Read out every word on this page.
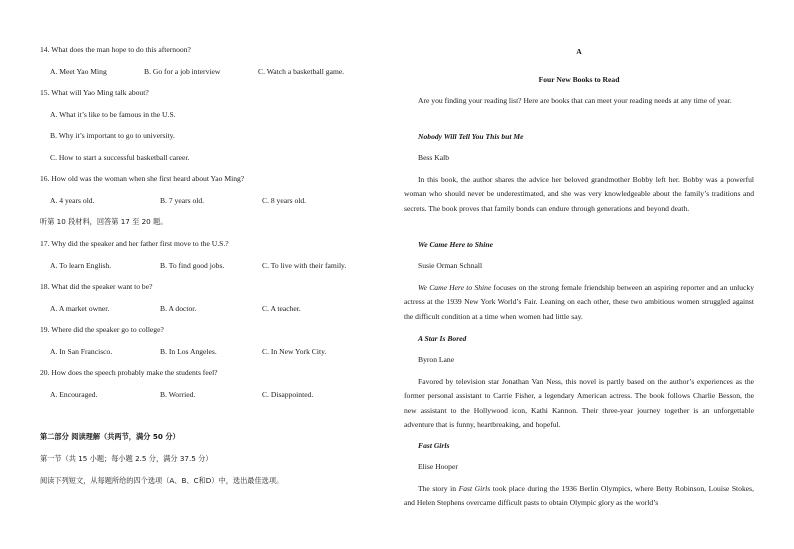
14. What does the man hope to do this afternoon?
A. Meet Yao Ming	B. Go for a job interview	C. Watch a basketball game.
15. What will Yao Ming talk about?
A. What it’s like to be famous in the U.S.
B. Why it’s important to go to university.
C. How to start a successful basketball career.
16. How old was the woman when she first heard about Yao Ming?
A. 4 years old.	B. 7 years old.	C. 8 years old.
听第 10 段材料，回答第 17 至 20 题。
17. Why did the speaker and her father first move to the U.S.?
A. To learn English.	B. To find good jobs.	C. To live with their family.
18. What did the speaker want to be?
A. A market owner.	B. A doctor.	C. A teacher.
19. Where did the speaker go to college?
A. In San Francisco.	B. In Los Angeles.	C. In New York City.
20. How does the speech probably make the students feel?
A. Encouraged.	B. Worried.	C. Disappointed.
第二部分 阅读理解（共两节，满分 50 分）
第一节（共 15 小题；每小题 2.5 分，满分 37.5 分）
阅读下列短文，从每题所给的四个选项（A、B、C和D）中，选出最佳选项。
A
Four New Books to Read
Are you finding your reading list? Here are books that can meet your reading needs at any time of year.
Nobody Will Tell You This but Me
Bess Kalb
In this book, the author shares the advice her beloved grandmother Bobby left her. Bobby was a powerful woman who should never be underestimated, and she was very knowledgeable about the family’s traditions and secrets. The book proves that family bonds can endure through generations and beyond death.
We Came Here to Shine
Susie Orman Schnall
We Came Here to Shine focuses on the strong female friendship between an aspiring reporter and an unlucky actress at the 1939 New York World’s Fair. Leaning on each other, these two ambitious women struggled against the difficult condition at a time when women had little say.
A Star Is Bored
Byron Lane
Favored by television star Jonathan Van Ness, this novel is partly based on the author’s experiences as the former personal assistant to Carrie Fisher, a legendary American actress. The book follows Charlie Besson, the new assistant to the Hollywood icon, Kathi Kannon. Their three-year journey together is an unforgettable adventure that is funny, heartbreaking, and hopeful.
Fast Girls
Elise Hooper
The story in Fast Girls took place during the 1936 Berlin Olympics, where Betty Robinson, Louise Stokes, and Helen Stephens overcame difficult pasts to obtain Olympic glory as the world’s
